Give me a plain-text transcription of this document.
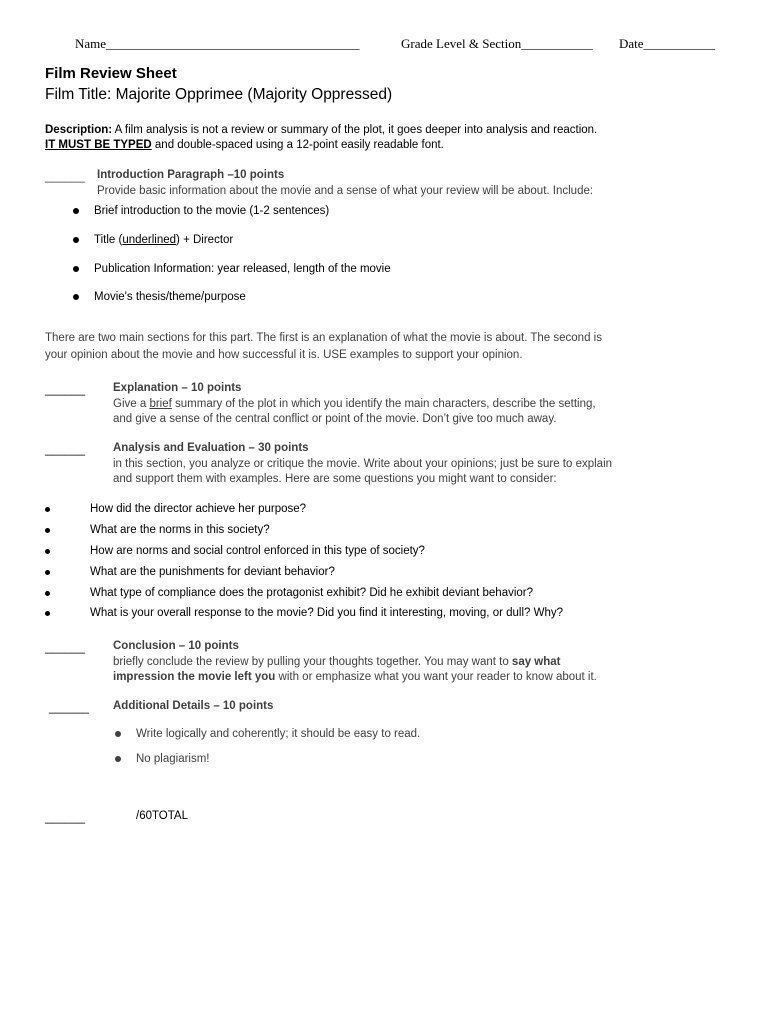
Name_______________________________________	Grade Level & Section___________ Date___________
Film Review Sheet
Film Title: Majorite Opprimee (Majority Oppressed)
Description: A film analysis is not a review or summary of the plot, it goes deeper into analysis and reaction.
IT MUST BE TYPED and double-spaced using a 12-point easily readable font.
______ Introduction Paragraph –10 points
Provide basic information about the movie and a sense of what your review will be about. Include:
Brief introduction to the movie (1-2 sentences)
Title (underlined) + Director
Publication Information: year released, length of the movie
Movie's thesis/theme/purpose
There are two main sections for this part. The first is an explanation of what the movie is about. The second is
your opinion about the movie and how successful it is. USE examples to support your opinion.
______ Explanation – 10 points
Give a brief summary of the plot in which you identify the main characters, describe the setting,
and give a sense of the central conflict or point of the movie. Don’t give too much away.
______ Analysis and Evaluation – 30 points
in this section, you analyze or critique the movie. Write about your opinions; just be sure to explain
and support them with examples. Here are some questions you might want to consider:
How did the director achieve her purpose?
What are the norms in this society?
How are norms and social control enforced in this type of society?
What are the punishments for deviant behavior?
What type of compliance does the protagonist exhibit? Did he exhibit deviant behavior?
What is your overall response to the movie? Did you find it interesting, moving, or dull? Why?
______ Conclusion – 10 points
briefly conclude the review by pulling your thoughts together. You may want to say what
impression the movie left you with or emphasize what you want your reader to know about it.
______ Additional Details – 10 points
Write logically and coherently; it should be easy to read.
No plagiarism!
______	/60TOTAL
